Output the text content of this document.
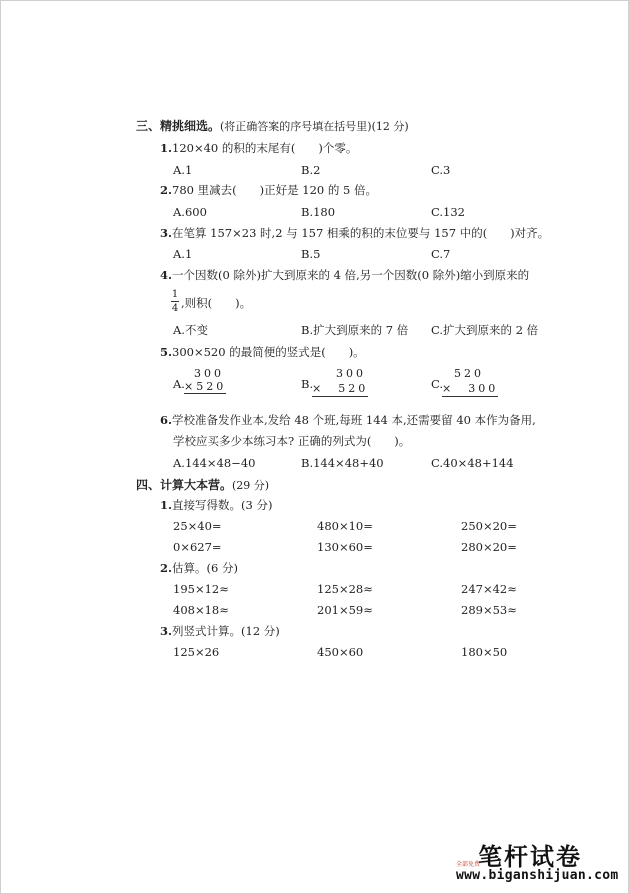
三、精挑细选。(将正确答案的序号填在括号里)(12 分)
1.120×40 的积的末尾有(　　)个零。
A.1	B.2	C.3
2.780 里减去(　　)正好是 120 的 5 倍。
A.600	B.180	C.132
3.在笔算 157×23 时,2 与 157 相乘的积的末位要与 157 中的(　　)对齐。
A.1	B.5	C.7
4.一个因数(0 除外)扩大到原来的 4 倍,另一个因数(0 除外)缩小到原来的
1
4 ,则积(　　)。
A.不变	B.扩大到原来的 7 倍 C.扩大到原来的 2 倍
5.300×520 的最简便的竖式是(　　)。
A.
300
×520	B.
300
×　520	C.
520
×　300
6.学校准备发作业本,发给 48 个班,每班 144 本,还需要留 40 本作为备用,
学校应买多少本练习本? 正确的列式为(　　)。
A.144×48−40	B.144×48+40	C.40×48+144
四、计算大本营。(29 分)
1.直接写得数。(3 分)
25×40=	480×10=	250×20=
0×627=	130×60=	280×20=
2.估算。(6 分)
195×12≈	125×28≈	247×42≈
408×18≈	201×59≈	289×53≈
3.列竖式计算。(12 分)
125×26	450×60	180×50
笔杆试卷
全部免费
www.biganshijuan.com
